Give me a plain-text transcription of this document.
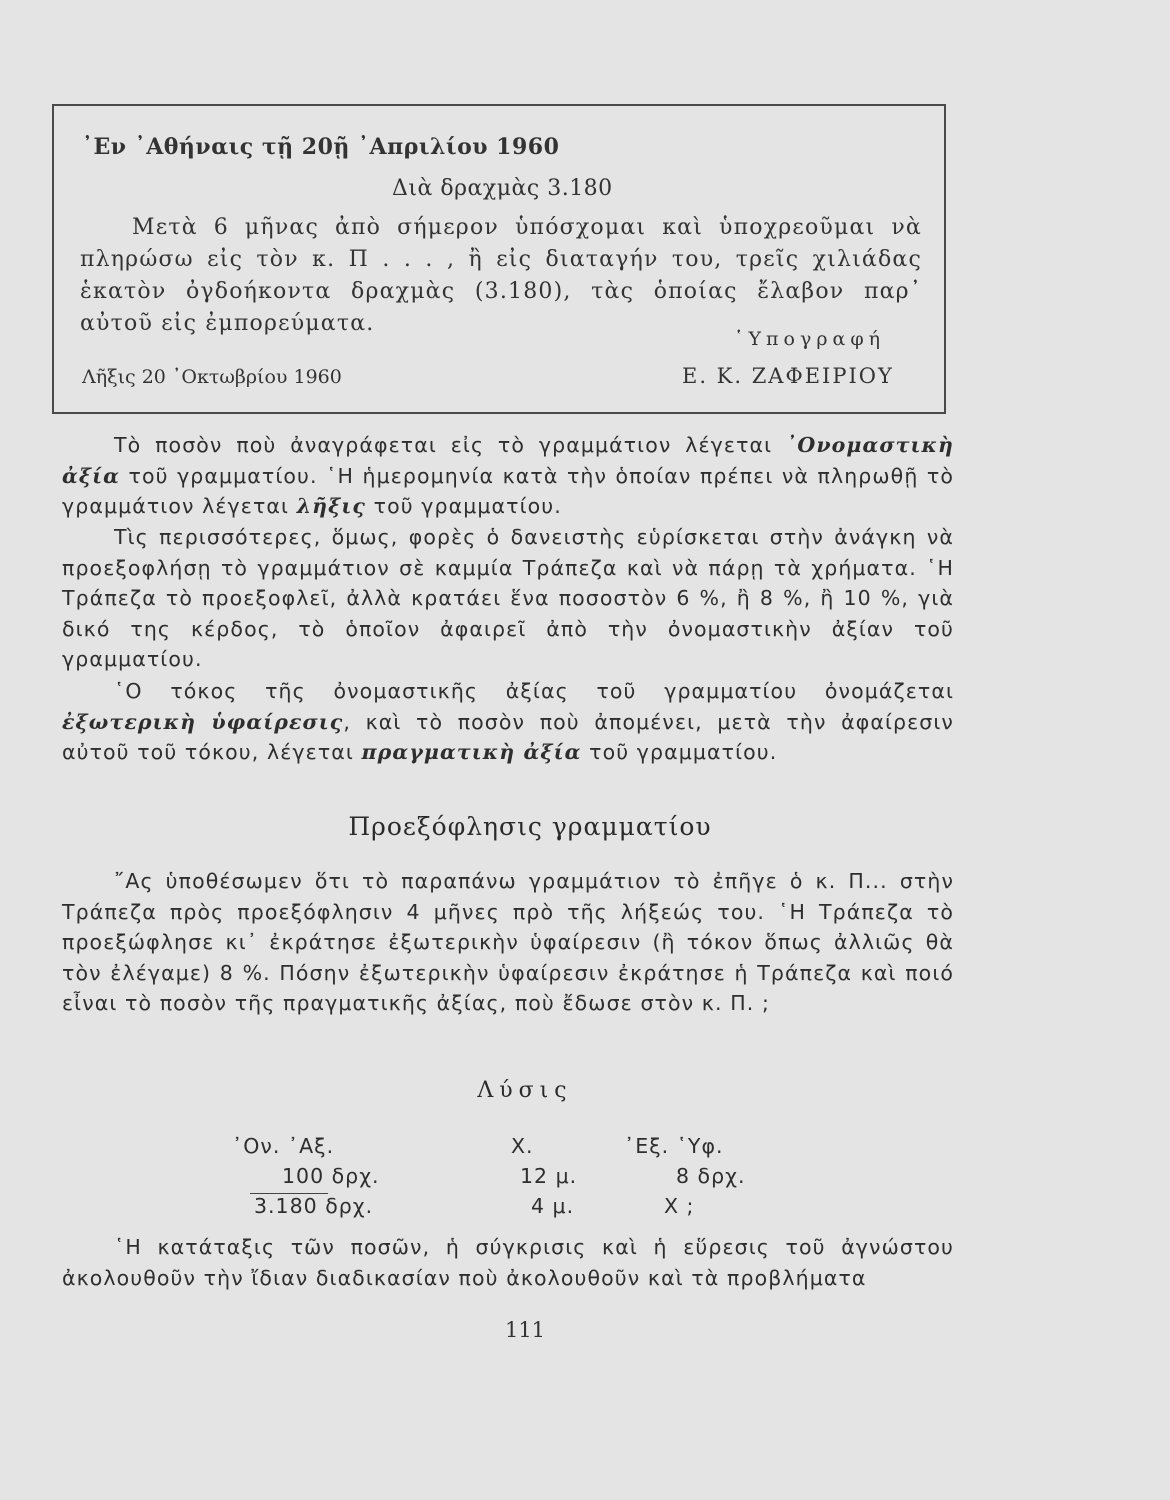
᾽Εν ᾽Αθήναις τῇ 20ῇ ᾽Απριλίου 1960
Διὰ δραχμὰς 3.180
Μετὰ 6 μῆνας ἀπὸ σήμερον ὑπόσχομαι καὶ ὑποχρεοῦμαι νὰ πληρώσω εἰς τὸν κ. Π . . . , ἢ εἰς διαταγήν του, τρεῖς χιλιάδας ἑκατὸν ὀγδοήκοντα δραχμὰς (3.180), τὰς ὁποίας ἔλαβον παρ᾽ αὐτοῦ εἰς ἐμπορεύματα.
῾Υπογραφή
Λῆξις 20 ᾽Οκτωβρίου 1960	Ε. Κ. ΖΑΦΕΙΡΙΟΥ
Τὸ ποσὸν ποὺ ἀναγράφεται εἰς τὸ γραμμάτιον λέγεται ᾽Ονομαστικὴ ἀξία τοῦ γραμματίου. ῾Η ἡμερομηνία κατὰ τὴν ὁποίαν πρέπει νὰ πληρωθῇ τὸ γραμμάτιον λέγεται λῆξις τοῦ γραμματίου.
Τὶς περισσότερες, ὅμως, φορὲς ὁ δανειστὴς εὑρίσκεται στὴν ἀνάγκη νὰ προεξοφλήσῃ τὸ γραμμάτιον σὲ καμμία Τράπεζα καὶ νὰ πάρῃ τὰ χρήματα. ῾Η Τράπεζα τὸ προεξοφλεῖ, ἀλλὰ κρατάει ἕνα ποσοστὸν 6 %, ἢ 8 %, ἢ 10 %, γιὰ δικό της κέρδος, τὸ ὁποῖον ἀφαιρεῖ ἀπὸ τὴν ὀνομαστικὴν ἀξίαν τοῦ γραμματίου.
῾Ο τόκος τῆς ὀνομαστικῆς ἀξίας τοῦ γραμματίου ὀνομάζεται ἐξωτερικὴ ὑφαίρεσις, καὶ τὸ ποσὸν ποὺ ἀπομένει, μετὰ τὴν ἀφαίρεσιν αὐτοῦ τοῦ τόκου, λέγεται πραγματικὴ ἀξία τοῦ γραμματίου.
Προεξόφλησις γραμματίου
῎Ας ὑποθέσωμεν ὅτι τὸ παραπάνω γραμμάτιον τὸ ἐπῆγε ὁ κ. Π... στὴν Τράπεζα πρὸς προεξόφλησιν 4 μῆνες πρὸ τῆς λήξεώς του. ῾Η Τράπεζα τὸ προεξώφλησε κι᾽ ἐκράτησε ἐξωτερικὴν ὑφαίρεσιν (ἢ τόκον ὅπως ἀλλιῶς θὰ τὸν ἐλέγαμε) 8 %. Πόσην ἐξωτερικὴν ὑφαίρεσιν ἐκράτησε ἡ Τράπεζα καὶ ποιό εἶναι τὸ ποσὸν τῆς πραγματικῆς ἀξίας, ποὺ ἔδωσε στὸν κ. Π. ;
Λύσις
᾽Ον. ᾽Αξ.	Χ.	᾽Εξ. ῾Υφ.
100 δρχ.	12 μ.	8 δρχ.
3.180 δρχ.	4 μ.	Χ ;
῾Η κατάταξις τῶν ποσῶν, ἡ σύγκρισις καὶ ἡ εὕρεσις τοῦ ἀγνώστου ἀκολουθοῦν τὴν ἴδιαν διαδικασίαν ποὺ ἀκολουθοῦν καὶ τὰ προβλήματα
111
